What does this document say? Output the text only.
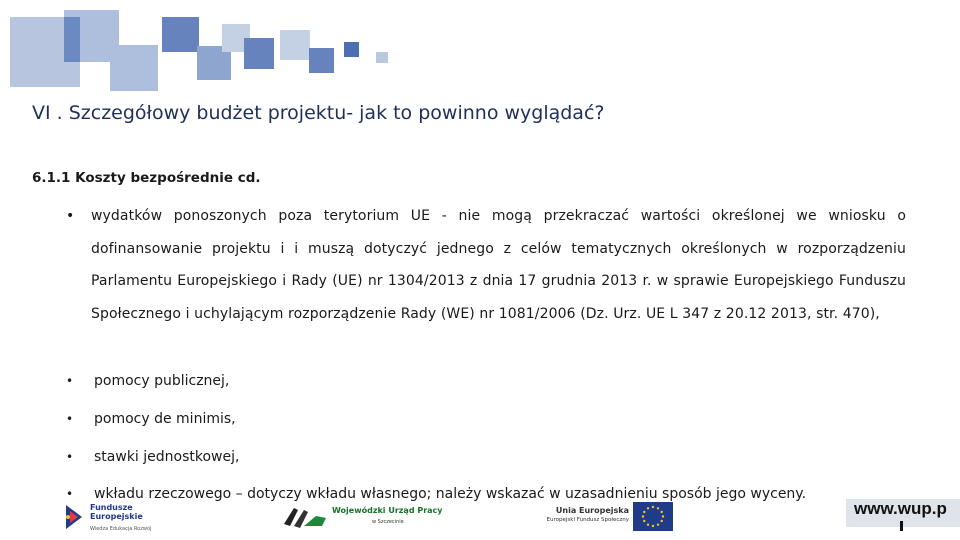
VI . Szczegółowy budżet projektu- jak to powinno wyglądać?
6.1.1 Koszty bezpośrednie cd.
• wydatków ponoszonych poza terytorium UE - nie mogą przekraczać wartości określonej we wniosku o dofinansowanie projektu i i muszą dotyczyć jednego z celów tematycznych określonych w rozporządzeniu Parlamentu Europejskiego i Rady (UE) nr 1304/2013 z dnia 17 grudnia 2013 r. w sprawie Europejskiego Funduszu Społecznego i uchylającym rozporządzenie Rady (WE) nr 1081/2006 (Dz. Urz. UE L 347 z 20.12 2013, str. 470),
• pomocy publicznej,
• pomocy de minimis,
• stawki jednostkowej,
• wkładu rzeczowego – dotyczy wkładu własnego; należy wskazać w uzasadnieniu sposób jego wyceny.
Fundusze
Europejskie
Wiedza Edukacja Rozwój
Wojewódzki Urząd Pracy
w Szczecinie
Unia Europejska
Europejski Fundusz Społeczny
www.wup.p
